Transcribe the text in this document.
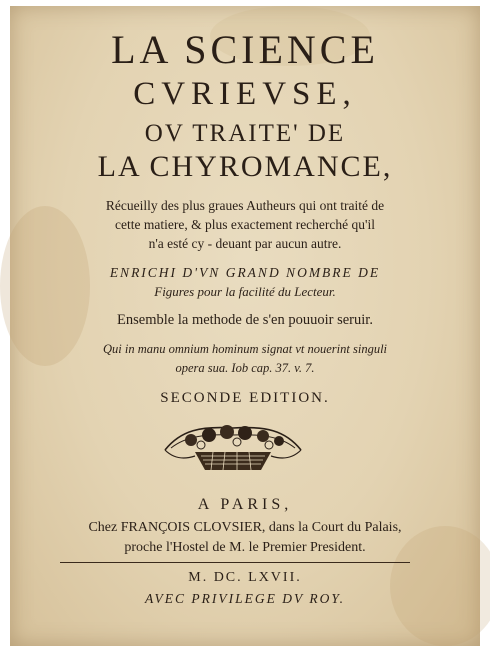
LA SCIENCE
CVRIEVSE,
OV TRAITE' DE
LA CHYROMANCE,
Récueilly des plus graues Autheurs qui ont traité de
cette matiere, & plus exactement recherché qu'il
n'a esté cy - deuant par aucun autre.
ENRICHI D'VN GRAND NOMBRE DE
Figures pour la facilité du Lecteur.
Ensemble la methode de s'en pouuoir seruir.
Qui in manu omnium hominum signat vt nouerint singuli
opera sua. Iob cap. 37. v. 7.
SECONDE EDITION.
A PARIS,
Chez FRANÇOIS CLOVSIER, dans la Court du Palais,
proche l'Hostel de M. le Premier President.
M. DC. LXVII.
AVEC PRIVILEGE DV ROY.
